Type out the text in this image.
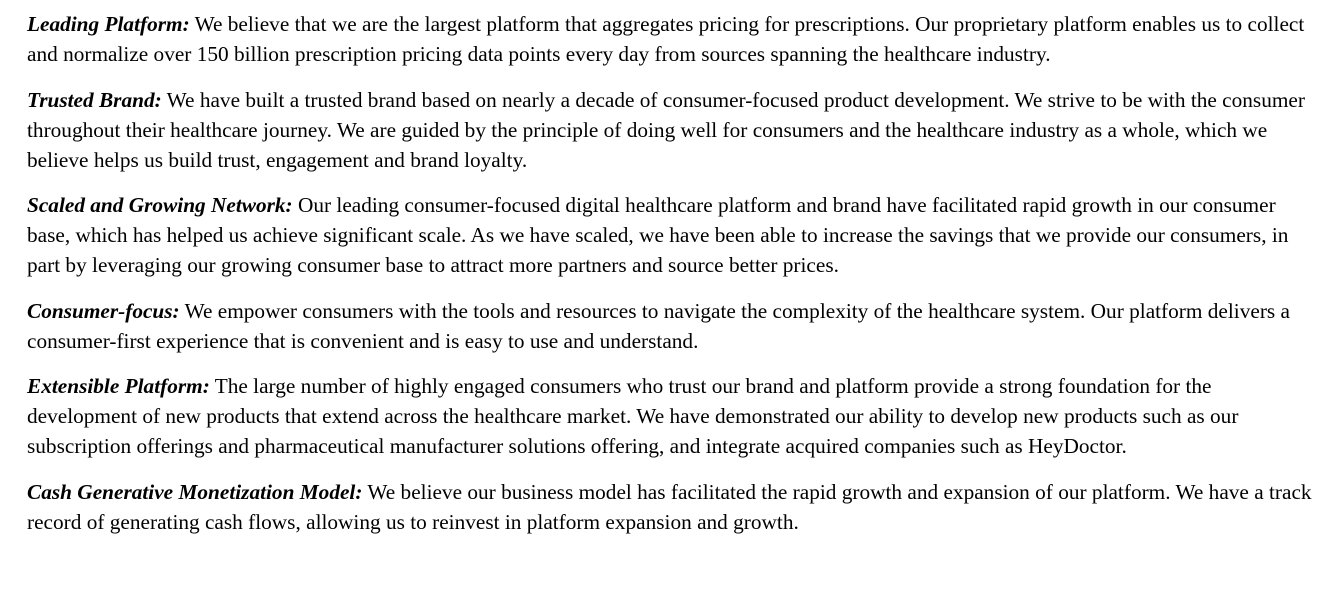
Leading Platform: We believe that we are the largest platform that aggregates pricing for prescriptions. Our proprietary platform enables us to collect and normalize over 150 billion prescription pricing data points every day from sources spanning the healthcare industry.

Trusted Brand: We have built a trusted brand based on nearly a decade of consumer-focused product development. We strive to be with the consumer throughout their healthcare journey. We are guided by the principle of doing well for consumers and the healthcare industry as a whole, which we believe helps us build trust, engagement and brand loyalty.

Scaled and Growing Network: Our leading consumer-focused digital healthcare platform and brand have facilitated rapid growth in our consumer base, which has helped us achieve significant scale. As we have scaled, we have been able to increase the savings that we provide our consumers, in part by leveraging our growing consumer base to attract more partners and source better prices.

Consumer-focus: We empower consumers with the tools and resources to navigate the complexity of the healthcare system. Our platform delivers a consumer-first experience that is convenient and is easy to use and understand.

Extensible Platform: The large number of highly engaged consumers who trust our brand and platform provide a strong foundation for the development of new products that extend across the healthcare market. We have demonstrated our ability to develop new products such as our subscription offerings and pharmaceutical manufacturer solutions offering, and integrate acquired companies such as HeyDoctor.

Cash Generative Monetization Model: We believe our business model has facilitated the rapid growth and expansion of our platform. We have a track record of generating cash flows, allowing us to reinvest in platform expansion and growth.
